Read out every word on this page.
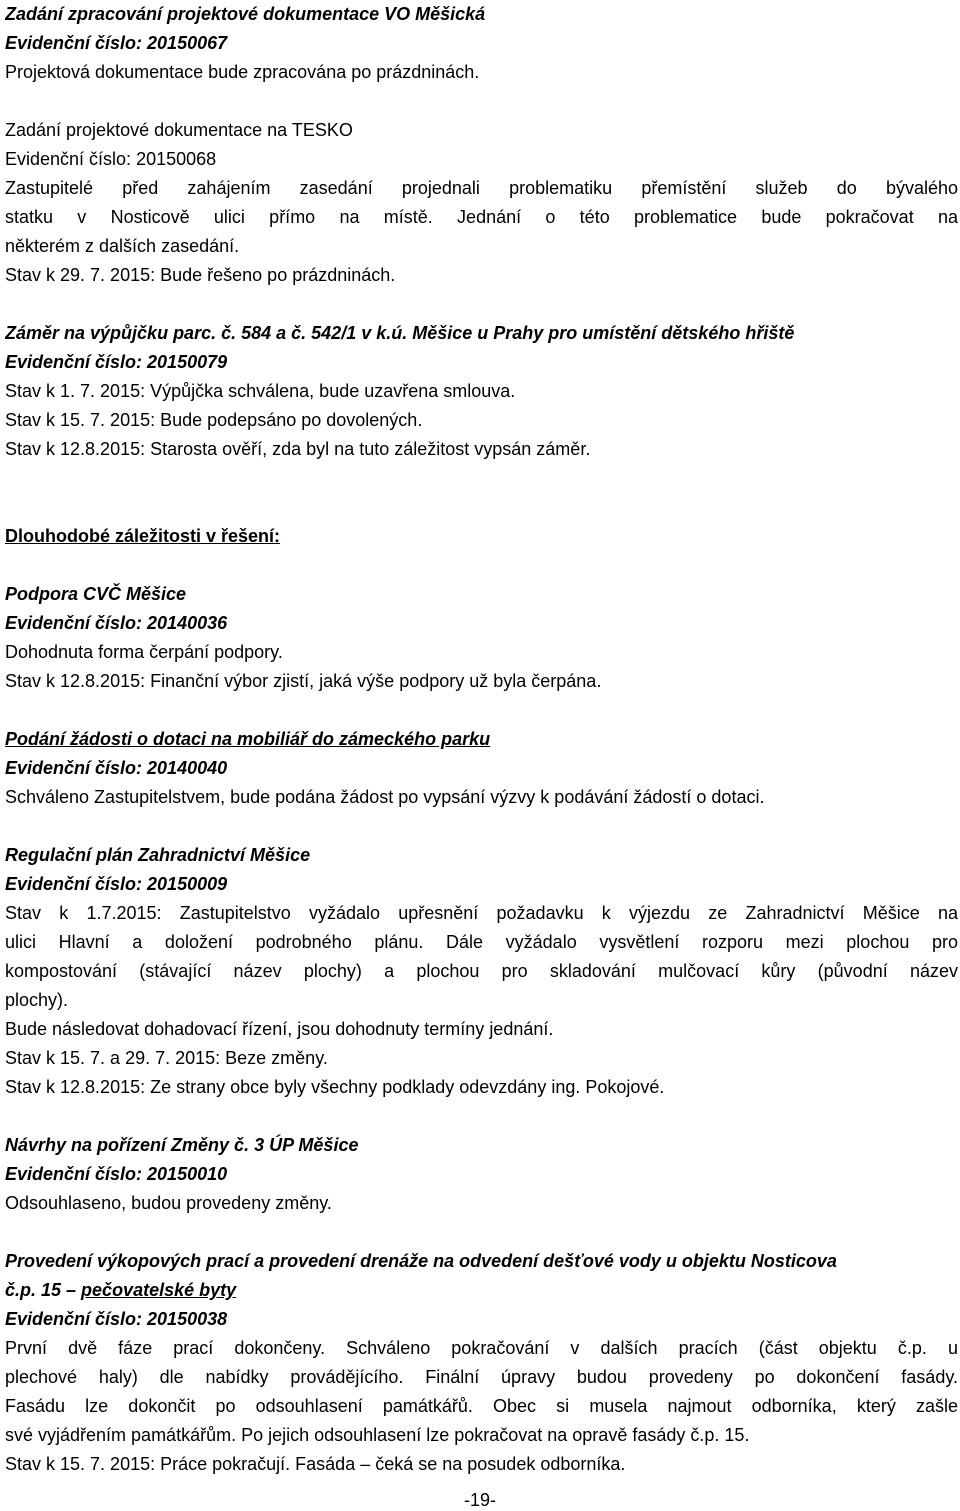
Zadání zpracování projektové dokumentace VO Měšická
Evidenční číslo: 20150067
Projektová dokumentace bude zpracována po prázdninách.
Zadání projektové dokumentace na TESKO
Evidenční číslo: 20150068
Zastupitelé před zahájením zasedání projednali problematiku přemístění služeb do bývalého
statku v Nosticově ulici přímo na místě. Jednání o této problematice bude pokračovat na
některém z dalších zasedání.
Stav k 29. 7. 2015: Bude řešeno po prázdninách.
Záměr na výpůjčku parc. č. 584 a č. 542/1 v k.ú. Měšice u Prahy pro umístění dětského hřiště
Evidenční číslo: 20150079
Stav k 1. 7. 2015: Výpůjčka schválena, bude uzavřena smlouva.
Stav k 15. 7. 2015: Bude podepsáno po dovolených.
Stav k 12.8.2015: Starosta ověří, zda byl na tuto záležitost vypsán záměr.
Dlouhodobé záležitosti v řešení:
Podpora CVČ Měšice
Evidenční číslo: 20140036
Dohodnuta forma čerpání podpory.
Stav k 12.8.2015: Finanční výbor zjistí, jaká výše podpory už byla čerpána.
Podání žádosti o dotaci na mobiliář do zámeckého parku
Evidenční číslo: 20140040
Schváleno Zastupitelstvem, bude podána žádost po vypsání výzvy k podávání žádostí o dotaci.
Regulační plán Zahradnictví Měšice
Evidenční číslo: 20150009
Stav k 1.7.2015: Zastupitelstvo vyžádalo upřesnění požadavku k výjezdu ze Zahradnictví Měšice na
ulici Hlavní a doložení podrobného plánu. Dále vyžádalo vysvětlení rozporu mezi plochou pro
kompostování (stávající název plochy) a plochou pro skladování mulčovací kůry (původní název
plochy).
Bude následovat dohadovací řízení, jsou dohodnuty termíny jednání.
Stav k 15. 7. a 29. 7. 2015: Beze změny.
Stav k 12.8.2015: Ze strany obce byly všechny podklady odevzdány ing. Pokojové.
Návrhy na pořízení Změny č. 3 ÚP Měšice
Evidenční číslo: 20150010
Odsouhlaseno, budou provedeny změny.
Provedení výkopových prací a provedení drenáže na odvedení dešťové vody u objektu Nosticova
č.p. 15 – pečovatelské byty
Evidenční číslo: 20150038
První dvě fáze prací dokončeny. Schváleno pokračování v dalších pracích (část objektu č.p. u
plechové haly) dle nabídky provádějícího. Finální úpravy budou provedeny po dokončení fasády.
Fasádu lze dokončit po odsouhlasení památkářů. Obec si musela najmout odborníka, který zašle
své vyjádřením památkářům. Po jejich odsouhlasení lze pokračovat na opravě fasády č.p. 15.
Stav k 15. 7. 2015: Práce pokračují. Fasáda – čeká se na posudek odborníka.
-19-
